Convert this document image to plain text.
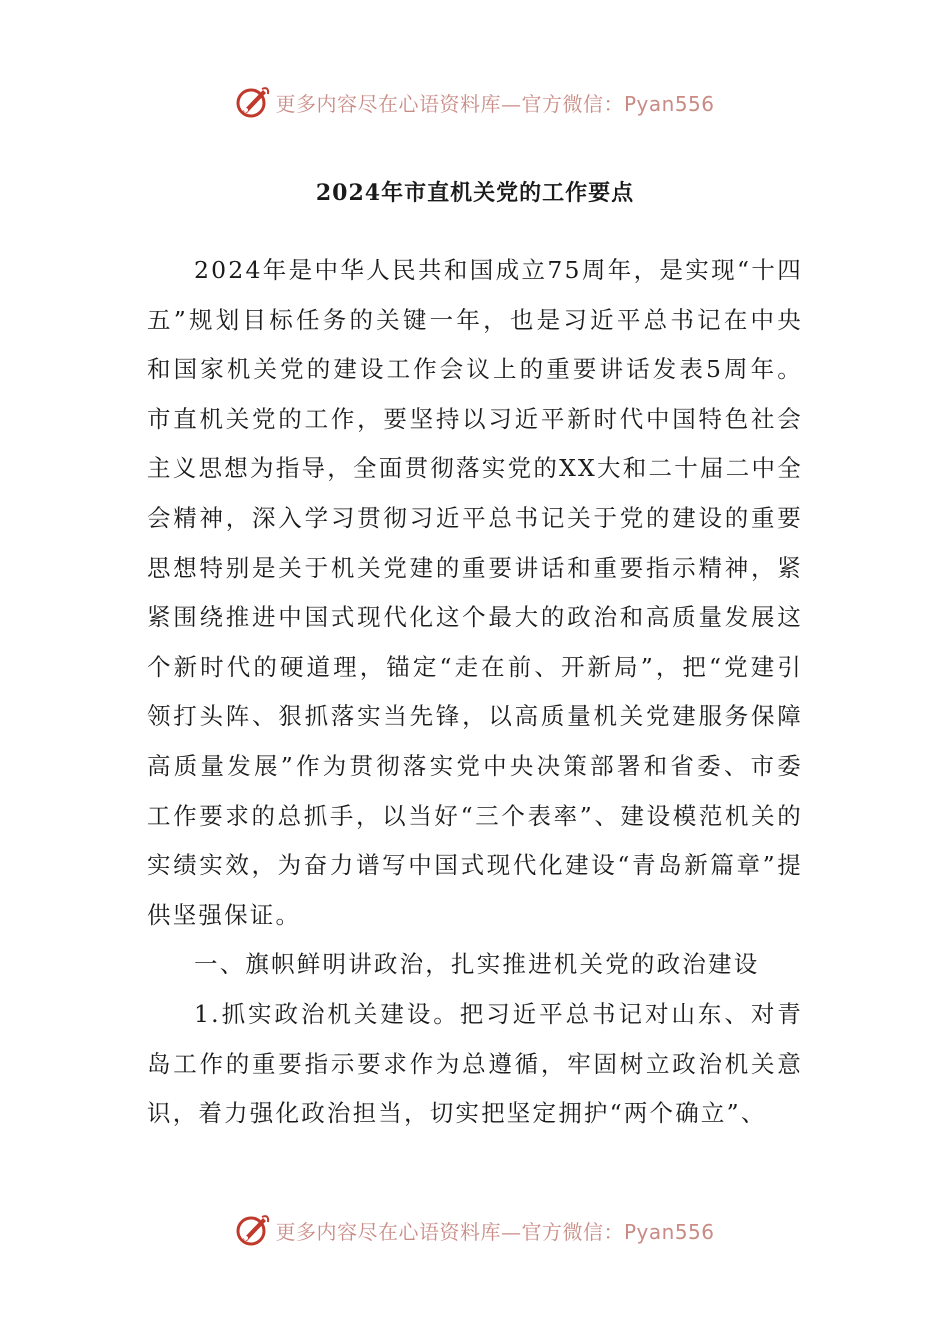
更多内容尽在心语资料库—官方微信：Pyan556
2024年市直机关党的工作要点

2024年是中华人民共和国成立75周年，是实现“十四五”规划目标任务的关键一年，也是习近平总书记在中央和国家机关党的建设工作会议上的重要讲话发表5周年。市直机关党的工作，要坚持以习近平新时代中国特色社会主义思想为指导，全面贯彻落实党的XX大和二十届二中全会精神，深入学习贯彻习近平总书记关于党的建设的重要思想特别是关于机关党建的重要讲话和重要指示精神，紧紧围绕推进中国式现代化这个最大的政治和高质量发展这个新时代的硬道理，锚定“走在前、开新局”，把“党建引领打头阵、狠抓落实当先锋，以高质量机关党建服务保障高质量发展”作为贯彻落实党中央决策部署和省委、市委工作要求的总抓手，以当好“三个表率”、建设模范机关的实绩实效，为奋力谱写中国式现代化建设“青岛新篇章”提供坚强保证。

一、旗帜鲜明讲政治，扎实推进机关党的政治建设

1.抓实政治机关建设。把习近平总书记对山东、对青岛工作的重要指示要求作为总遵循，牢固树立政治机关意识，着力强化政治担当，切实把坚定拥护“两个确立”、

更多内容尽在心语资料库—官方微信：Pyan556
